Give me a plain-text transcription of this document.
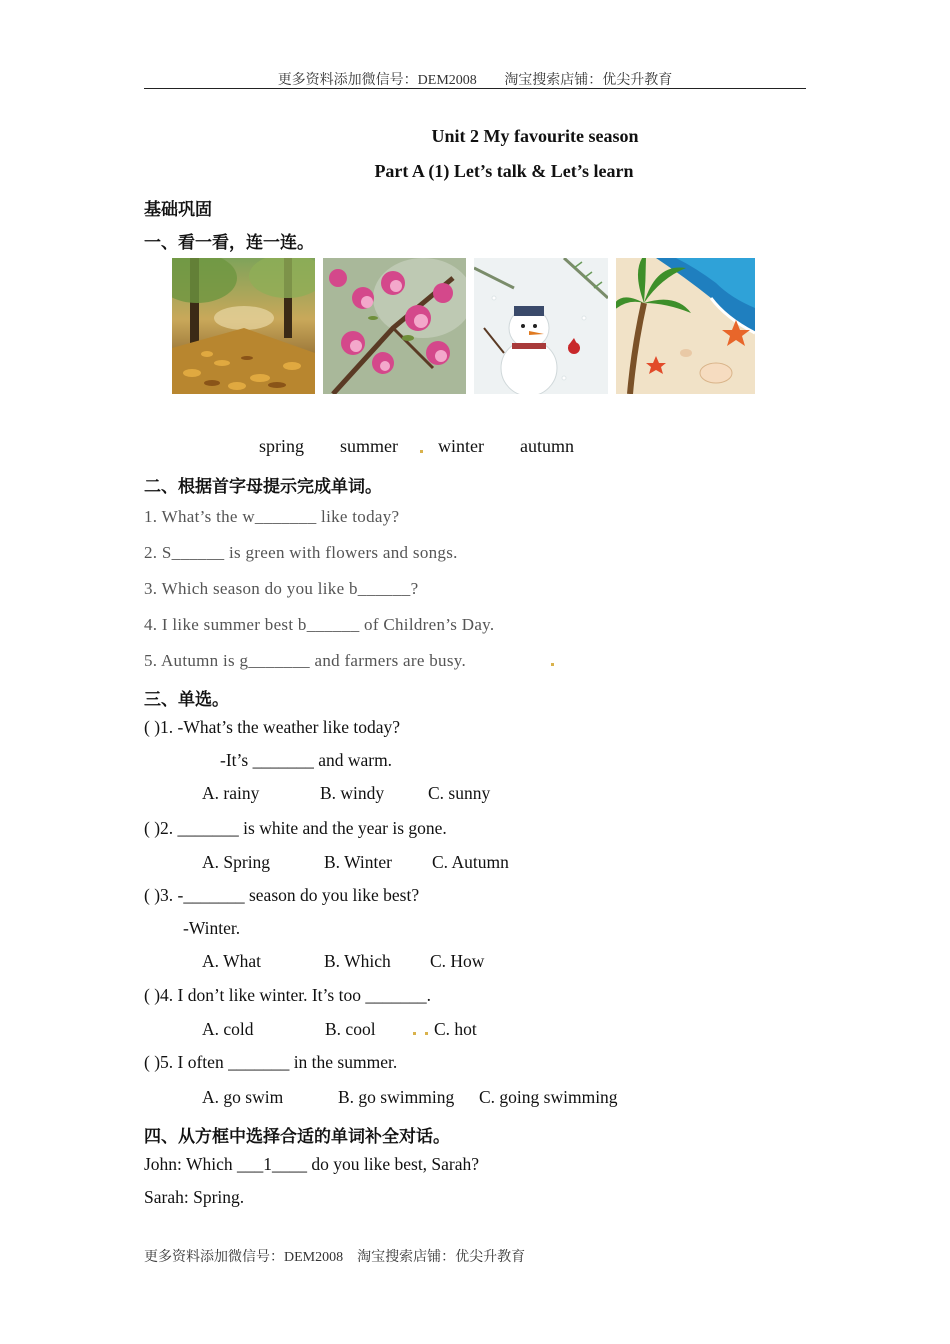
更多资料添加微信号：DEM2008 淘宝搜索店铺：优尖升教育
Unit 2 My favourite season
Part A (1) Let’s talk & Let’s learn
基础巩固
一、看一看，连一连。
spring summer winter autumn
二、根据首字母提示完成单词。
1. What’s the w_______ like today?
2. S______ is green with flowers and songs.
3. Which season do you like b______?
4. I like summer best b______ of Children’s Day.
5. Autumn is g_______ and farmers are busy.
三、单选。
( )1. -What’s the weather like today?
-It’s _______ and warm.
A. rainy	B. windy	C. sunny
( )2. _______ is white and the year is gone.
A. Spring	B. Winter C. Autumn
( )3. -_______ season do you like best?
-Winter.
A. What	B. Which C. How
( )4. I don’t like winter. It’s too _______.
A. cold	B. cool	C. hot
( )5. I often _______ in the summer.
A. go swim	B. go swimming C. going swimming
四、从方框中选择合适的单词补全对话。
John: Which ___1____ do you like best, Sarah?
Sarah: Spring.
更多资料添加微信号：DEM2008    淘宝搜索店铺：优尖升教育
